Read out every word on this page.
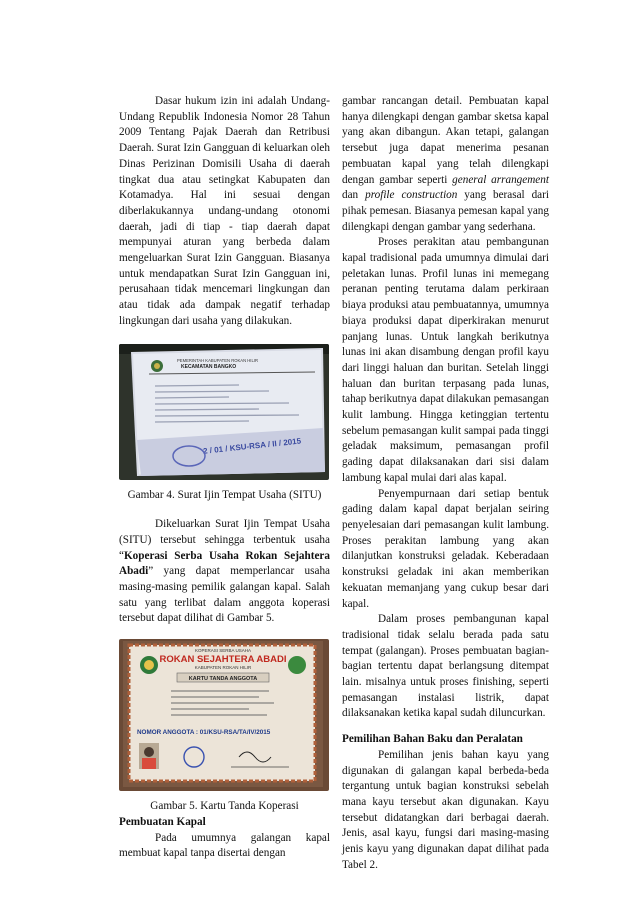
Dasar hukum izin ini adalah Undang-Undang Republik Indonesia Nomor 28 Tahun 2009 Tentang Pajak Daerah dan Retribusi Daerah. Surat Izin Gangguan di keluarkan oleh Dinas Perizinan Domisili Usaha di daerah tingkat dua atau setingkat Kabupaten dan Kotamadya. Hal ini sesuai dengan diberlakukannya undang-undang otonomi daerah, jadi di tiap - tiap daerah dapat mempunyai aturan yang berbeda dalam mengeluarkan Surat Izin Gangguan. Biasanya untuk mendapatkan Surat Izin Gangguan ini, perusahaan tidak mencemari lingkungan dan atau tidak ada dampak negatif terhadap lingkungan dari usaha yang dilakukan.

PEMERINTAH KABUPATEN ROKAN HILIR
KECAMATAN BANGKO
2 / 01 / KSU-RSA / II / 2015

Gambar 4. Surat Ijin Tempat Usaha (SITU)

Dikeluarkan Surat Ijin Tempat Usaha (SITU) tersebut sehingga terbentuk usaha “Koperasi Serba Usaha Rokan Sejahtera Abadi” yang dapat memperlancar usaha masing-masing pemilik galangan kapal. Salah satu yang terlibat dalam anggota koperasi tersebut dapat dilihat di Gambar 5.

KOPERASI SERBA USAHA
ROKAN SEJAHTERA ABADI
KABUPATEN ROKAN HILIR
KARTU TANDA ANGGOTA
NOMOR ANGGOTA : 01/KSU-RSA/TA/IV/2015

Gambar 5. Kartu Tanda Koperasi

Pembuatan Kapal

Pada umumnya galangan kapal membuat kapal tanpa disertai dengan

gambar rancangan detail. Pembuatan kapal hanya dilengkapi dengan gambar sketsa kapal yang akan dibangun. Akan tetapi, galangan tersebut juga dapat menerima pesanan pembuatan kapal yang telah dilengkapi dengan gambar seperti general arrangement dan profile construction yang berasal dari pihak pemesan. Biasanya pemesan kapal yang dilengkapi dengan gambar yang sederhana.

Proses perakitan atau pembangunan kapal tradisional pada umumnya dimulai dari peletakan lunas. Profil lunas ini memegang peranan penting terutama dalam perkiraan biaya produksi atau pembuatannya, umumnya biaya produksi dapat diperkirakan menurut panjang lunas. Untuk langkah berikutnya lunas ini akan disambung dengan profil kayu dari linggi haluan dan buritan. Setelah linggi haluan dan buritan terpasang pada lunas, tahap berikutnya dapat dilakukan pemasangan kulit lambung. Hingga ketinggian tertentu sebelum pemasangan kulit sampai pada tinggi geladak maksimum, pemasangan profil gading dapat dilaksanakan dari sisi dalam lambung kapal mulai dari alas kapal.

Penyempurnaan dari setiap bentuk gading dalam kapal dapat berjalan seiring penyelesaian dari pemasangan kulit lambung. Proses perakitan lambung yang akan dilanjutkan konstruksi geladak. Keberadaan konstruksi geladak ini akan memberikan kekuatan memanjang yang cukup besar dari kapal.

Dalam proses pembangunan kapal tradisional tidak selalu berada pada satu tempat (galangan). Proses pembuatan bagian-bagian tertentu dapat berlangsung ditempat lain. misalnya untuk proses finishing, seperti pemasangan instalasi listrik, dapat dilaksanakan ketika kapal sudah diluncurkan.

Pemilihan Bahan Baku dan Peralatan

Pemilihan jenis bahan kayu yang digunakan di galangan kapal berbeda-beda tergantung untuk bagian konstruksi sebelah mana kayu tersebut akan digunakan. Kayu tersebut didatangkan dari berbagai daerah. Jenis, asal kayu, fungsi dari masing-masing jenis kayu yang digunakan dapat dilihat pada Tabel 2.
